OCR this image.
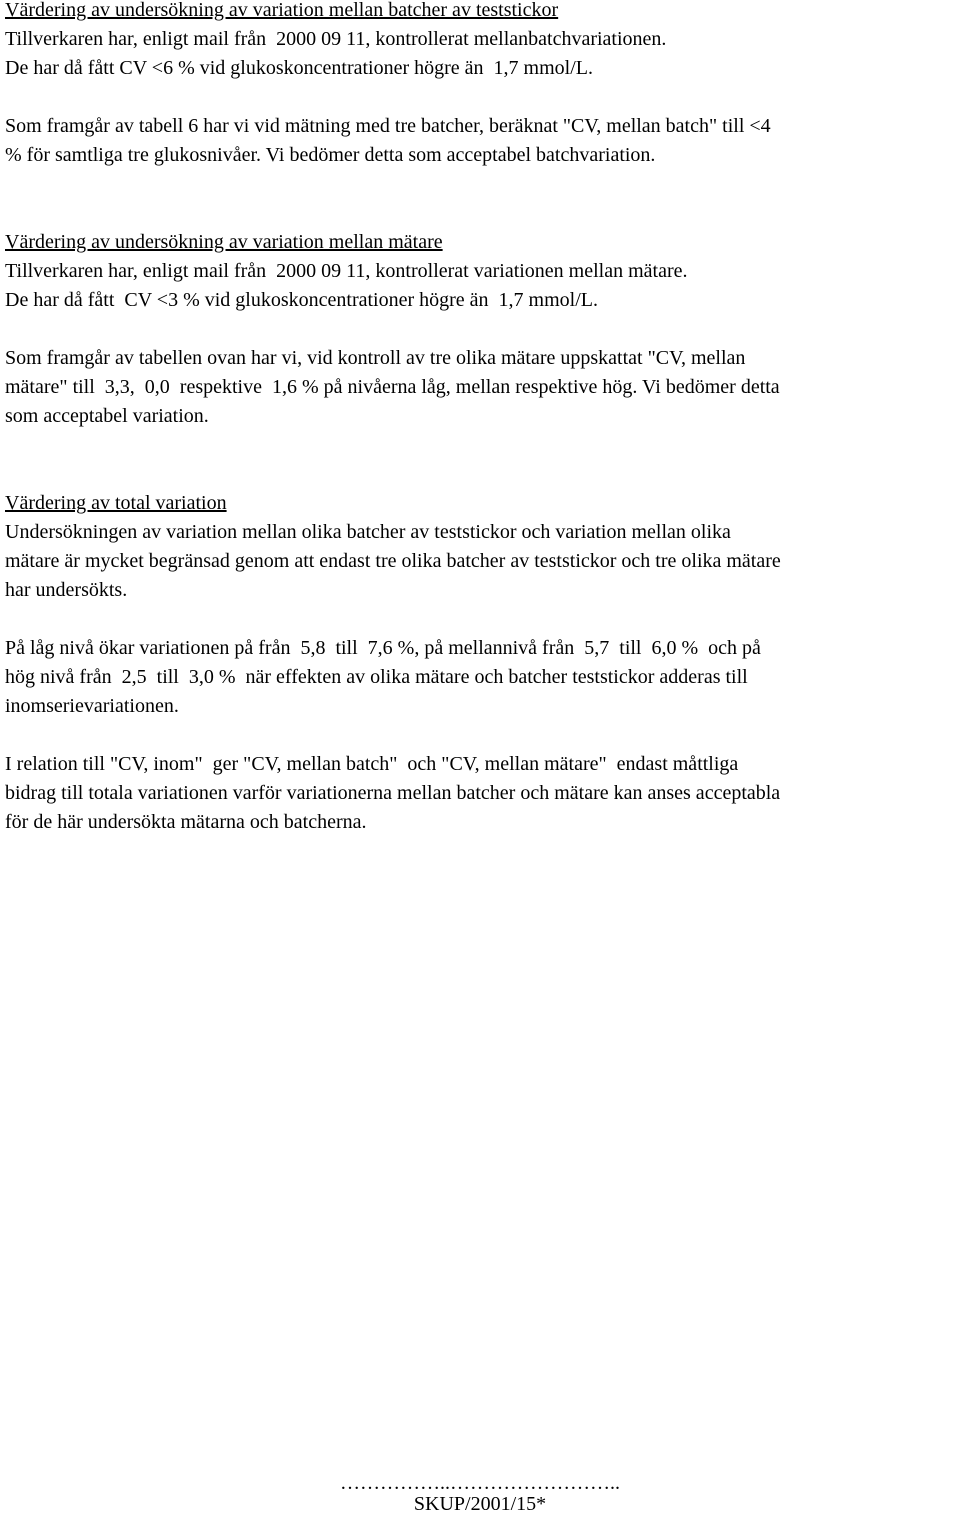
Värdering av undersökning av variation mellan batcher av teststickor
Tillverkaren har, enligt mail från  2000 09 11, kontrollerat mellanbatchvariationen.
De har då fått CV <6 % vid glukoskoncentrationer högre än  1,7 mmol/L.
Som framgår av tabell 6 har vi vid mätning med tre batcher, beräknat "CV, mellan batch" till <4
% för samtliga tre glukosnivåer. Vi bedömer detta som acceptabel batchvariation.
Värdering av undersökning av variation mellan mätare
Tillverkaren har, enligt mail från  2000 09 11, kontrollerat variationen mellan mätare.
De har då fått  CV <3 % vid glukoskoncentrationer högre än  1,7 mmol/L.
Som framgår av tabellen ovan har vi, vid kontroll av tre olika mätare uppskattat "CV, mellan
mätare" till  3,3,  0,0  respektive  1,6 % på nivåerna låg, mellan respektive hög. Vi bedömer detta
som acceptabel variation.
Värdering av total variation
Undersökningen av variation mellan olika batcher av teststickor och variation mellan olika
mätare är mycket begränsad genom att endast tre olika batcher av teststickor och tre olika mätare
har undersökts.
På låg nivå ökar variationen på från  5,8  till  7,6 %, på mellannivå från  5,7  till  6,0 %  och på
hög nivå från  2,5  till  3,0 %  när effekten av olika mätare och batcher teststickor adderas till
inomserievariationen.
I relation till "CV, inom"  ger "CV, mellan batch"  och "CV, mellan mätare"  endast måttliga
bidrag till totala variationen varför variationerna mellan batcher och mätare kan anses acceptabla
för de här undersökta mätarna och batcherna.
……………..……………………..
SKUP/2001/15*
